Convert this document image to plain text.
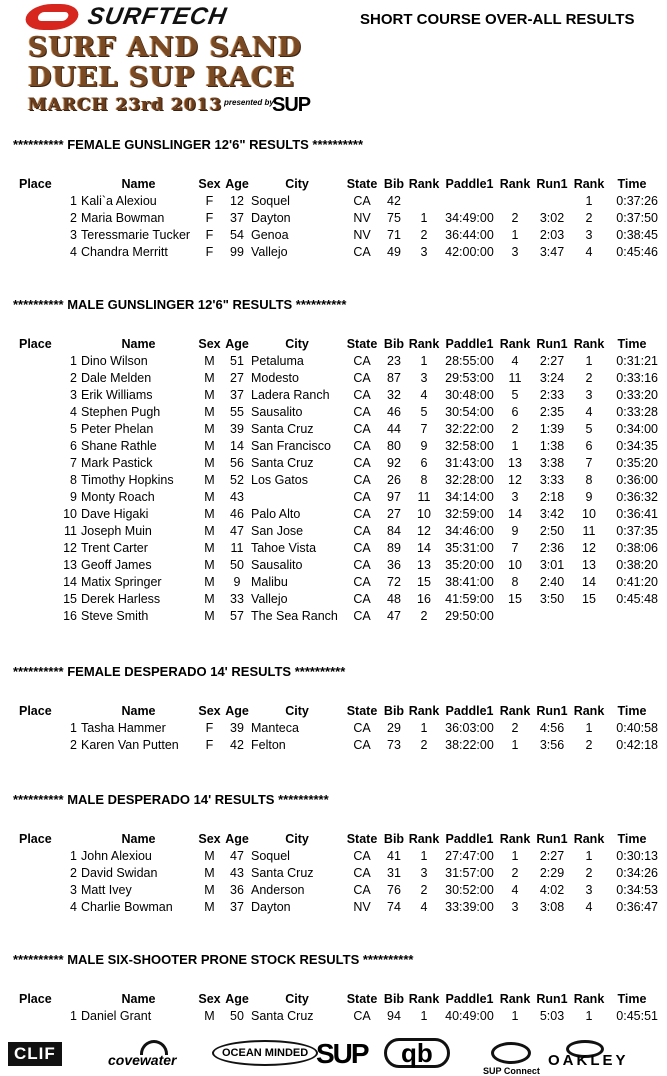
SURFTECH
SURF AND SAND
DUEL SUP RACE
MARCH 23rd 2013 presented by
SUP
SHORT COURSE OVER-ALL RESULTS
********** FEMALE GUNSLINGER 12'6" RESULTS **********
Place	Name	Sex	Age	City	State	Bib	Rank	Paddle1	Rank	Run1	Rank	Time
1	Kali`a Alexiou	F	12	Soquel	CA	42					1	0:37:26
2	Maria Bowman	F	37	Dayton	NV	75	1	34:49:00	2	3:02	2	0:37:50
3	Teressmarie Tucker	F	54	Genoa	NV	71	2	36:44:00	1	2:03	3	0:38:45
4	Chandra Merritt	F	99	Vallejo	CA	49	3	42:00:00	3	3:47	4	0:45:46
********** MALE GUNSLINGER 12'6" RESULTS **********
Place	Name	Sex	Age	City	State	Bib	Rank	Paddle1	Rank	Run1	Rank	Time
1	Dino Wilson	M	51	Petaluma	CA	23	1	28:55:00	4	2:27	1	0:31:21
2	Dale Melden	M	27	Modesto	CA	87	3	29:53:00	11	3:24	2	0:33:16
3	Erik Williams	M	37	Ladera Ranch	CA	32	4	30:48:00	5	2:33	3	0:33:20
4	Stephen Pugh	M	55	Sausalito	CA	46	5	30:54:00	6	2:35	4	0:33:28
5	Peter Phelan	M	39	Santa Cruz	CA	44	7	32:22:00	2	1:39	5	0:34:00
6	Shane Rathle	M	14	San Francisco	CA	80	9	32:58:00	1	1:38	6	0:34:35
7	Mark Pastick	M	56	Santa Cruz	CA	92	6	31:43:00	13	3:38	7	0:35:20
8	Timothy Hopkins	M	52	Los Gatos	CA	26	8	32:28:00	12	3:33	8	0:36:00
9	Monty Roach	M	43		CA	97	11	34:14:00	3	2:18	9	0:36:32
10	Dave Higaki	M	46	Palo Alto	CA	27	10	32:59:00	14	3:42	10	0:36:41
11	Joseph Muin	M	47	San Jose	CA	84	12	34:46:00	9	2:50	11	0:37:35
12	Trent Carter	M	11	Tahoe Vista	CA	89	14	35:31:00	7	2:36	12	0:38:06
13	Geoff James	M	50	Sausalito	CA	36	13	35:20:00	10	3:01	13	0:38:20
14	Matix Springer	M	9	Malibu	CA	72	15	38:41:00	8	2:40	14	0:41:20
15	Derek Harless	M	33	Vallejo	CA	48	16	41:59:00	15	3:50	15	0:45:48
16	Steve Smith	M	57	The Sea Ranch	CA	47	2	29:50:00				
********** FEMALE DESPERADO 14' RESULTS **********
Place	Name	Sex	Age	City	State	Bib	Rank	Paddle1	Rank	Run1	Rank	Time
1	Tasha Hammer	F	39	Manteca	CA	29	1	36:03:00	2	4:56	1	0:40:58
2	Karen Van Putten	F	42	Felton	CA	73	2	38:22:00	1	3:56	2	0:42:18
********** MALE DESPERADO 14' RESULTS **********
Place	Name	Sex	Age	City	State	Bib	Rank	Paddle1	Rank	Run1	Rank	Time
1	John Alexiou	M	47	Soquel	CA	41	1	27:47:00	1	2:27	1	0:30:13
2	David Swidan	M	43	Santa Cruz	CA	31	3	31:57:00	2	2:29	2	0:34:26
3	Matt Ivey	M	36	Anderson	CA	76	2	30:52:00	4	4:02	3	0:34:53
4	Charlie Bowman	M	37	Dayton	NV	74	4	33:39:00	3	3:08	4	0:36:47
********** MALE SIX-SHOOTER PRONE STOCK RESULTS **********
Place	Name	Sex	Age	City	State	Bib	Rank	Paddle1	Rank	Run1	Rank	Time
1	Daniel Grant	M	50	Santa Cruz	CA	94	1	40:49:00	1	5:03	1	0:45:51
CLIF	covewater	OCEAN MINDED SUP	qb
SUP Connect
OAKLEY
